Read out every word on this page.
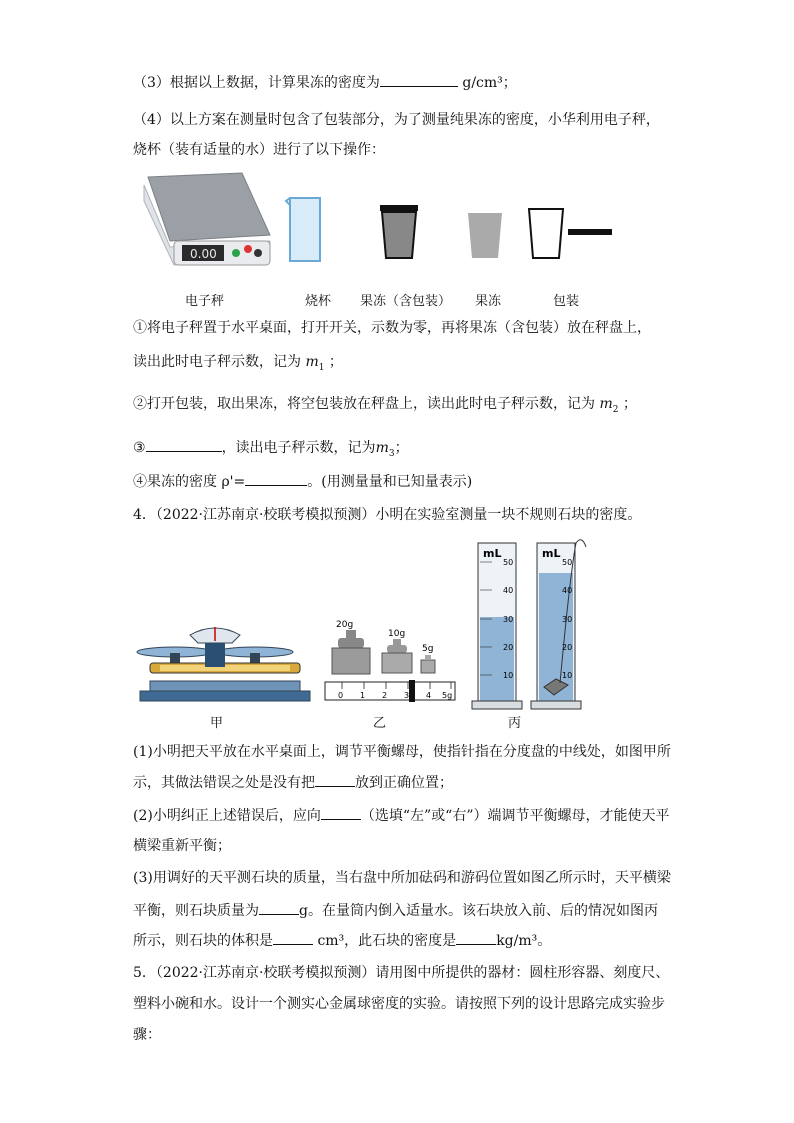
（3）根据以上数据，计算果冻的密度为	g/cm³；
（4）以上方案在测量时包含了包装部分，为了测量纯果冻的密度，小华利用电子秤，
烧杯（装有适量的水）进行了以下操作：
0.00
电子秤	烧杯 果冻（含包装） 果冻	包装
①将电子秤置于水平桌面，打开开关，示数为零，再将果冻（含包装）放在秤盘上，
读出此时电子秤示数，记为 $m_1$ ；
②打开包装，取出果冻，将空包装放在秤盘上，读出此时电子秤示数，记为 $m_2$ ；
③	，读出电子秤示数，记为$m_3$；
④果冻的密度 ρ'=	。(用测量量和已知量表示)
4．（2022·江苏南京·校联考模拟预测）小明在实验室测量一块不规则石块的密度。
20g
10g
5g
0 1 2 3 4 5g
mL
50
40
30
20
10
mL
50
40
30
20
10
甲	乙	丙
(1)小明把天平放在水平桌面上，调节平衡螺母，使指针指在分度盘的中线处，如图甲所
示，其做法错误之处是没有把	放到正确位置；
(2)小明纠正上述错误后，应向	（选填“左”或“右”）端调节平衡螺母，才能使天平
横梁重新平衡；
(3)用调好的天平测石块的质量，当右盘中所加砝码和游码位置如图乙所示时，天平横梁
平衡，则石块质量为	g。在量筒内倒入适量水。该石块放入前、后的情况如图丙
所示，则石块的体积是	cm³，此石块的密度是	kg/m³。
5．（2022·江苏南京·校联考模拟预测）请用图中所提供的器材：圆柱形容器、刻度尺、
塑料小碗和水。设计一个测实心金属球密度的实验。请按照下列的设计思路完成实验步
骤：
